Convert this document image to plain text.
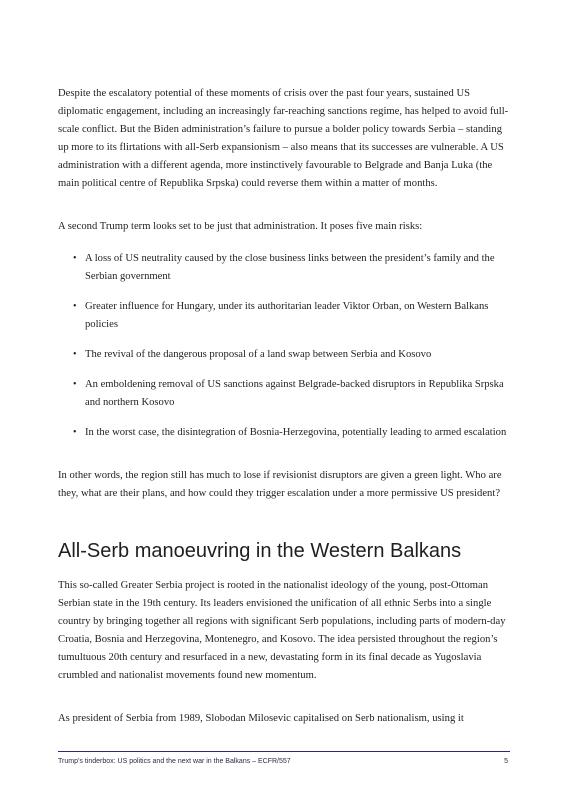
Despite the escalatory potential of these moments of crisis over the past four years, sustained US diplomatic engagement, including an increasingly far-reaching sanctions regime, has helped to avoid full-scale conflict. But the Biden administration’s failure to pursue a bolder policy towards Serbia – standing up more to its flirtations with all-Serb expansionism – also means that its successes are vulnerable. A US administration with a different agenda, more instinctively favourable to Belgrade and Banja Luka (the main political centre of Republika Srpska) could reverse them within a matter of months.

A second Trump term looks set to be just that administration. It poses five main risks:

• A loss of US neutrality caused by the close business links between the president’s family and the Serbian government
• Greater influence for Hungary, under its authoritarian leader Viktor Orban, on Western Balkans policies
• The revival of the dangerous proposal of a land swap between Serbia and Kosovo
• An emboldening removal of US sanctions against Belgrade-backed disruptors in Republika Srpska and northern Kosovo
• In the worst case, the disintegration of Bosnia-Herzegovina, potentially leading to armed escalation

In other words, the region still has much to lose if revisionist disruptors are given a green light. Who are they, what are their plans, and how could they trigger escalation under a more permissive US president?

All-Serb manoeuvring in the Western Balkans

This so-called Greater Serbia project is rooted in the nationalist ideology of the young, post-Ottoman Serbian state in the 19th century. Its leaders envisioned the unification of all ethnic Serbs into a single country by bringing together all regions with significant Serb populations, including parts of modern-day Croatia, Bosnia and Herzegovina, Montenegro, and Kosovo. The idea persisted throughout the region’s tumultuous 20th century and resurfaced in a new, devastating form in its final decade as Yugoslavia crumbled and nationalist movements found new momentum.

As president of Serbia from 1989, Slobodan Milosevic capitalised on Serb nationalism, using it

Trump’s tinderbox: US politics and the next war in the Balkans – ECFR/557	5
